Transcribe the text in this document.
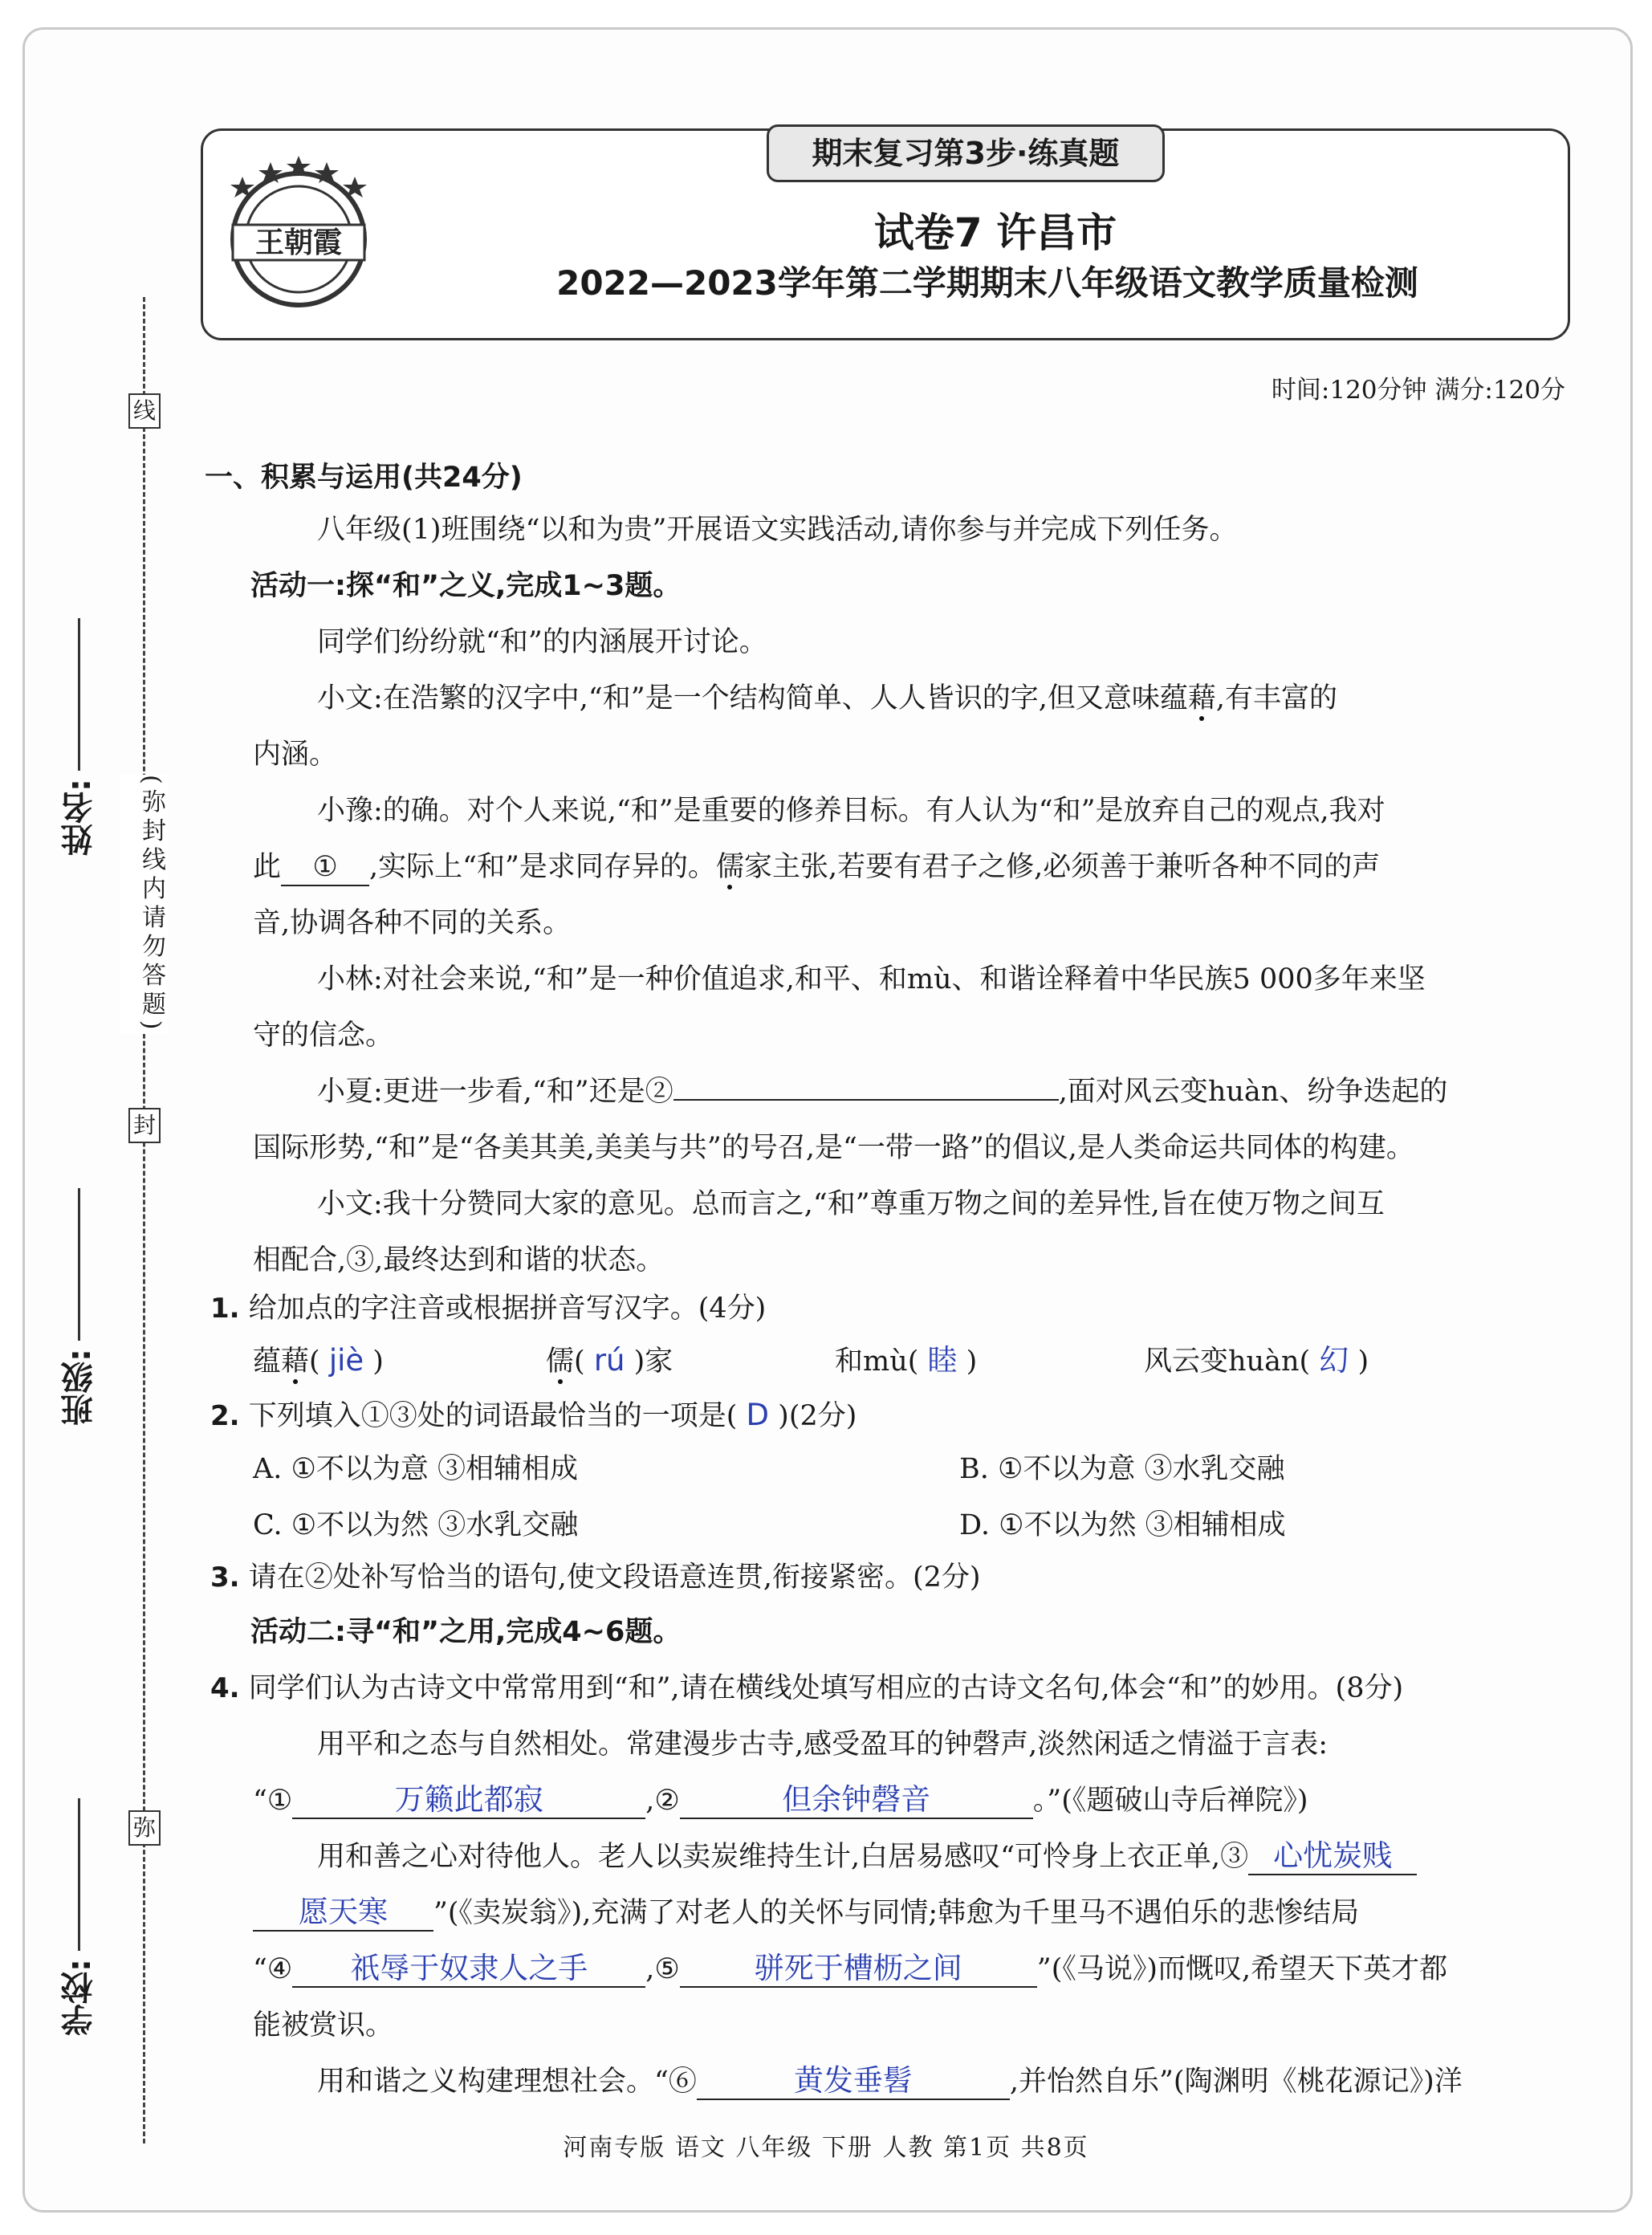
线
(弥封线内请勿答题)
封
弥
姓名:
班级:
学校:
期末复习第3步·练真题
王朝霞	试卷7 许昌市
2022—2023学年第二学期期末八年级语文教学质量检测
时间:120分钟 满分:120分
一、积累与运用(共24分)
八年级(1)班围绕“以和为贵”开展语文实践活动,请你参与并完成下列任务。
活动一:探“和”之义,完成1~3题。
同学们纷纷就“和”的内涵展开讨论。
小文:在浩繁的汉字中,“和”是一个结构简单、人人皆识的字,但又意味蕴藉,有丰富的
内涵。
小豫:的确。对个人来说,“和”是重要的修养目标。有人认为“和”是放弃自己的观点,我对
此 ① ,实际上“和”是求同存异的。儒家主张,若要有君子之修,必须善于兼听各种不同的声
音,协调各种不同的关系。
小林:对社会来说,“和”是一种价值追求,和平、和mù、和谐诠释着中华民族5 000多年来坚
守的信念。
小夏:更进一步看,“和”还是②	,面对风云变huàn、纷争迭起的
国际形势,“和”是“各美其美,美美与共”的号召,是“一带一路”的倡议,是人类命运共同体的构建。
小文:我十分赞同大家的意见。总而言之,“和”尊重万物之间的差异性,旨在使万物之间互
相配合,③,最终达到和谐的状态。
1. 给加点的字注音或根据拼音写汉字。(4分)
蕴藉( jiè )	儒( rú )家	和mù( 睦 )	风云变huàn( 幻 )
2. 下列填入①③处的词语最恰当的一项是( D )(2分)
A. ①不以为意 ③相辅相成	B. ①不以为意 ③水乳交融
C. ①不以为然 ③水乳交融	D. ①不以为然 ③相辅相成
3. 请在②处补写恰当的语句,使文段语意连贯,衔接紧密。(2分)
活动二:寻“和”之用,完成4~6题。
4. 同学们认为古诗文中常常用到“和”,请在横线处填写相应的古诗文名句,体会“和”的妙用。(8分)
用平和之态与自然相处。常建漫步古寺,感受盈耳的钟磬声,淡然闲适之情溢于言表:
“①	万籁此都寂	,②	但余钟磬音	。”(《题破山寺后禅院》)
用和善之心对待他人。老人以卖炭维持生计,白居易感叹“可怜身上衣正单,③ 心忧炭贱
愿天寒 ”(《卖炭翁》),充满了对老人的关怀与同情;韩愈为千里马不遇伯乐的悲惨结局
“④ 祇辱于奴隶人之手 ,⑤	骈死于槽枥之间	”(《马说》)而慨叹,希望天下英才都
能被赏识。
用和谐之义构建理想社会。“⑥	黄发垂髫	,并怡然自乐”(陶渊明《桃花源记》)洋
河南专版 语文 八年级 下册 人教 第1页 共8页
